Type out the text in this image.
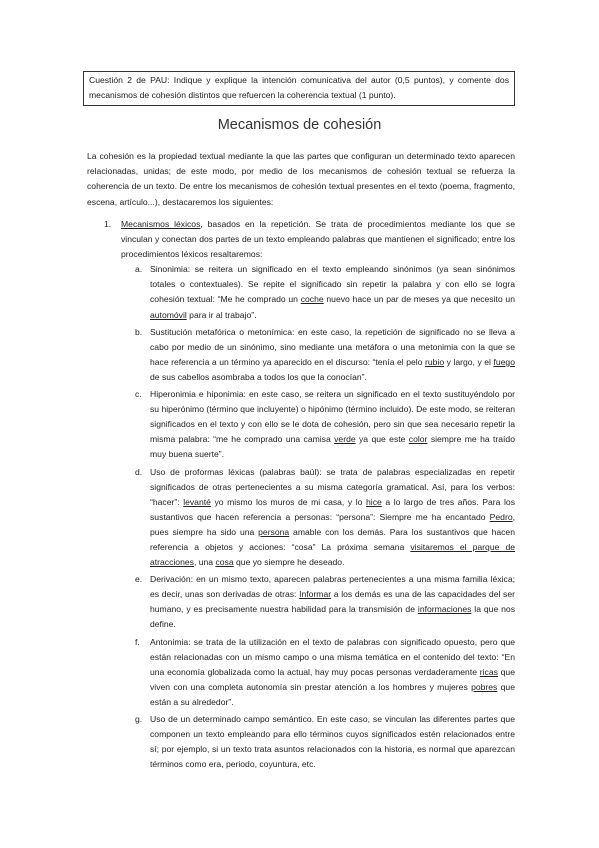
Cuestión 2 de PAU: Indique y explique la intención comunicativa del autor (0,5 puntos), y comente dos mecanismos de cohesión distintos que refuercen la coherencia textual (1 punto).
Mecanismos de cohesión

La cohesión es la propiedad textual mediante la que las partes que configuran un determinado texto aparecen relacionadas, unidas; de este modo, por medio de los mecanismos de cohesión textual se refuerza la coherencia de un texto. De entre los mecanismos de cohesión textual presentes en el texto (poema, fragmento, escena, artículo...), destacaremos los siguientes:

1. Mecanismos léxicos, basados en la repetición. Se trata de procedimientos mediante los que se vinculan y conectan dos partes de un texto empleando palabras que mantienen el significado; entre los procedimientos léxicos resaltaremos:
a. Sinonimia: se reitera un significado en el texto empleando sinónimos (ya sean sinónimos totales o contextuales). Se repite el significado sin repetir la palabra y con ello se logra cohesión textual: “Me he comprado un coche nuevo hace un par de meses ya que necesito un automóvil para ir al trabajo”.
b. Sustitución metafórica o metonímica: en este caso, la repetición de significado no se lleva a cabo por medio de un sinónimo, sino mediante una metáfora o una metonimia con la que se hace referencia a un término ya aparecido en el discurso: “tenía el pelo rubio y largo, y el fuego de sus cabellos asombraba a todos los que la conocían”.
c. Hiperonimia e hiponimia: en este caso, se reitera un significado en el texto sustituyéndolo por su hiperónimo (término que incluyente) o hipónimo (término incluido). De este modo, se reiteran significados en el texto y con ello se le dota de cohesión, pero sin que sea necesario repetir la misma palabra: “me he comprado una camisa verde ya que este color siempre me ha traído muy buena suerte”.
d. Uso de proformas léxicas (palabras baúl): se trata de palabras especializadas en repetir significados de otras pertenecientes a su misma categoría gramatical. Así, para los verbos: “hacer”: levanté yo mismo los muros de mi casa, y lo hice a lo largo de tres años. Para los sustantivos que hacen referencia a personas: “persona”: Siempre me ha encantado Pedro, pues siempre ha sido una persona amable con los demás. Para los sustantivos que hacen referencia a objetos y acciones: “cosa” La próxima semana visitaremos el parque de atracciones, una cosa que yo siempre he deseado.
e. Derivación: en un mismo texto, aparecen palabras pertenecientes a una misma familia léxica; es decir, unas son derivadas de otras: Informar a los demás es una de las capacidades del ser humano, y es precisamente nuestra habilidad para la transmisión de informaciones la que nos define.
f. Antonimia: se trata de la utilización en el texto de palabras con significado opuesto, pero que están relacionadas con un mismo campo o una misma temática en el contenido del texto: “En una economía globalizada como la actual, hay muy pocas personas verdaderamente ricas que viven con una completa autonomía sin prestar atención a los hombres y mujeres pobres que están a su alrededor”.
g. Uso de un determinado campo semántico. En este caso, se vinculan las diferentes partes que componen un texto empleando para ello términos cuyos significados estén relacionados entre sí; por ejemplo, si un texto trata asuntos relacionados con la historia, es normal que aparezcan términos como era, periodo, coyuntura, etc.
